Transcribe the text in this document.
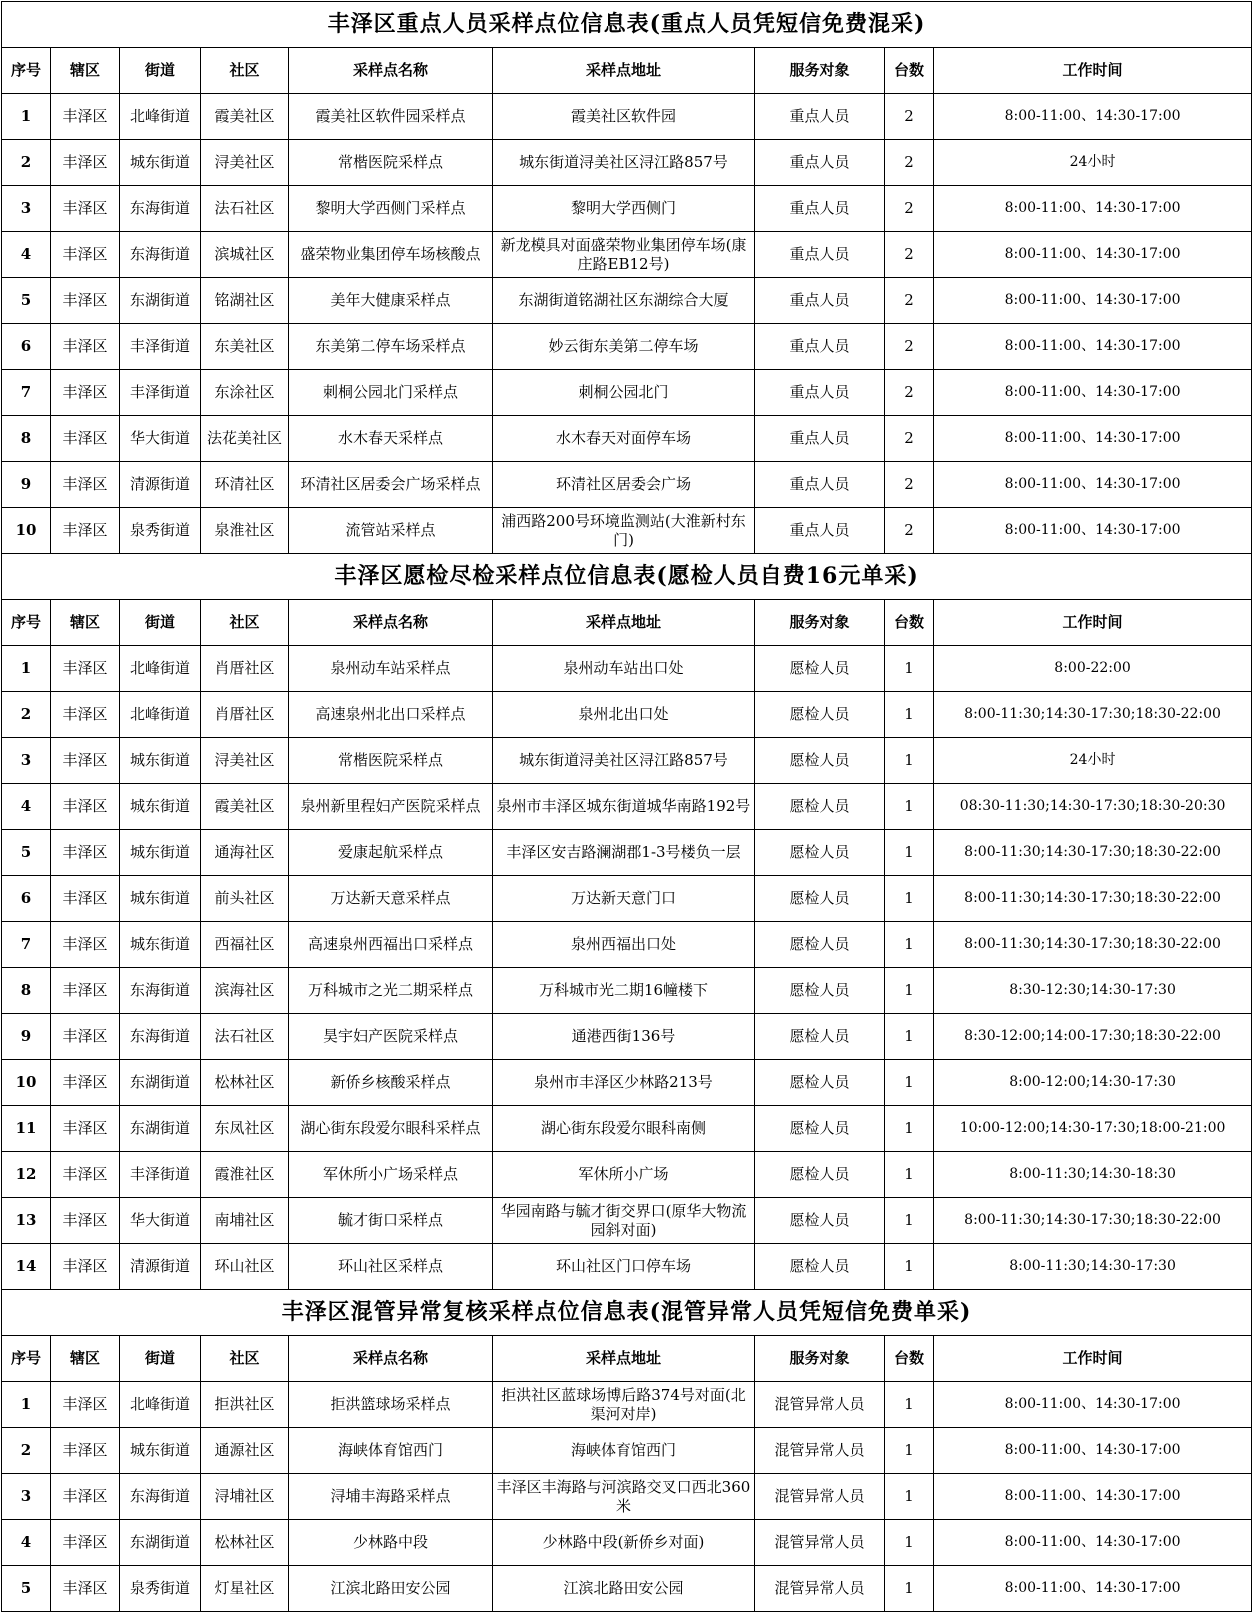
丰泽区重点人员采样点位信息表(重点人员凭短信免费混采)								
序号	辖区	街道	社区	采样点名称	采样点地址	服务对象	台数	工作时间
1	丰泽区	北峰街道	霞美社区	霞美社区软件园采样点	霞美社区软件园	重点人员	2	8:00-11:00、14:30-17:00
2	丰泽区	城东街道	浔美社区	常楷医院采样点	城东街道浔美社区浔江路857号	重点人员	2	24小时
3	丰泽区	东海街道	法石社区	黎明大学西侧门采样点	黎明大学西侧门	重点人员	2	8:00-11:00、14:30-17:00
4	丰泽区	东海街道	滨城社区	盛荣物业集团停车场核酸点	新龙模具对面盛荣物业集团停车场(康庄路EB12号)	重点人员	2	8:00-11:00、14:30-17:00
5	丰泽区	东湖街道	铭湖社区	美年大健康采样点	东湖街道铭湖社区东湖综合大厦	重点人员	2	8:00-11:00、14:30-17:00
6	丰泽区	丰泽街道	东美社区	东美第二停车场采样点	妙云街东美第二停车场	重点人员	2	8:00-11:00、14:30-17:00
7	丰泽区	丰泽街道	东涂社区	刺桐公园北门采样点	刺桐公园北门	重点人员	2	8:00-11:00、14:30-17:00
8	丰泽区	华大街道	法花美社区	水木春天采样点	水木春天对面停车场	重点人员	2	8:00-11:00、14:30-17:00
9	丰泽区	清源街道	环清社区	环清社区居委会广场采样点	环清社区居委会广场	重点人员	2	8:00-11:00、14:30-17:00
10	丰泽区	泉秀街道	泉淮社区	流管站采样点	浦西路200号环境监测站(大淮新村东门)	重点人员	2	8:00-11:00、14:30-17:00
丰泽区愿检尽检采样点位信息表(愿检人员自费16元单采)								
序号	辖区	街道	社区	采样点名称	采样点地址	服务对象	台数	工作时间
1	丰泽区	北峰街道	肖厝社区	泉州动车站采样点	泉州动车站出口处	愿检人员	1	8:00-22:00
2	丰泽区	北峰街道	肖厝社区	高速泉州北出口采样点	泉州北出口处	愿检人员	1	8:00-11:30;14:30-17:30;18:30-22:00
3	丰泽区	城东街道	浔美社区	常楷医院采样点	城东街道浔美社区浔江路857号	愿检人员	1	24小时
4	丰泽区	城东街道	霞美社区	泉州新里程妇产医院采样点	泉州市丰泽区城东街道城华南路192号	愿检人员	1	08:30-11:30;14:30-17:30;18:30-20:30
5	丰泽区	城东街道	通海社区	爱康起航采样点	丰泽区安吉路澜湖郡1-3号楼负一层	愿检人员	1	8:00-11:30;14:30-17:30;18:30-22:00
6	丰泽区	城东街道	前头社区	万达新天意采样点	万达新天意门口	愿检人员	1	8:00-11:30;14:30-17:30;18:30-22:00
7	丰泽区	城东街道	西福社区	高速泉州西福出口采样点	泉州西福出口处	愿检人员	1	8:00-11:30;14:30-17:30;18:30-22:00
8	丰泽区	东海街道	滨海社区	万科城市之光二期采样点	万科城市光二期16幢楼下	愿检人员	1	8:30-12:30;14:30-17:30
9	丰泽区	东海街道	法石社区	昊宇妇产医院采样点	通港西街136号	愿检人员	1	8:30-12:00;14:00-17:30;18:30-22:00
10	丰泽区	东湖街道	松林社区	新侨乡核酸采样点	泉州市丰泽区少林路213号	愿检人员	1	8:00-12:00;14:30-17:30
11	丰泽区	东湖街道	东凤社区	湖心街东段爱尔眼科采样点	湖心街东段爱尔眼科南侧	愿检人员	1	10:00-12:00;14:30-17:30;18:00-21:00
12	丰泽区	丰泽街道	霞淮社区	军休所小广场采样点	军休所小广场	愿检人员	1	8:00-11:30;14:30-18:30
13	丰泽区	华大街道	南埔社区	毓才街口采样点	华园南路与毓才街交界口(原华大物流园斜对面)	愿检人员	1	8:00-11:30;14:30-17:30;18:30-22:00
14	丰泽区	清源街道	环山社区	环山社区采样点	环山社区门口停车场	愿检人员	1	8:00-11:30;14:30-17:30
丰泽区混管异常复核采样点位信息表(混管异常人员凭短信免费单采)								
序号	辖区	街道	社区	采样点名称	采样点地址	服务对象	台数	工作时间
1	丰泽区	北峰街道	拒洪社区	拒洪篮球场采样点	拒洪社区蓝球场博后路374号对面(北渠河对岸)	混管异常人员	1	8:00-11:00、14:30-17:00
2	丰泽区	城东街道	通源社区	海峡体育馆西门	海峡体育馆西门	混管异常人员	1	8:00-11:00、14:30-17:00
3	丰泽区	东海街道	浔埔社区	浔埔丰海路采样点	丰泽区丰海路与河滨路交叉口西北360米	混管异常人员	1	8:00-11:00、14:30-17:00
4	丰泽区	东湖街道	松林社区	少林路中段	少林路中段(新侨乡对面)	混管异常人员	1	8:00-11:00、14:30-17:00
5	丰泽区	泉秀街道	灯星社区	江滨北路田安公园	江滨北路田安公园	混管异常人员	1	8:00-11:00、14:30-17:00
